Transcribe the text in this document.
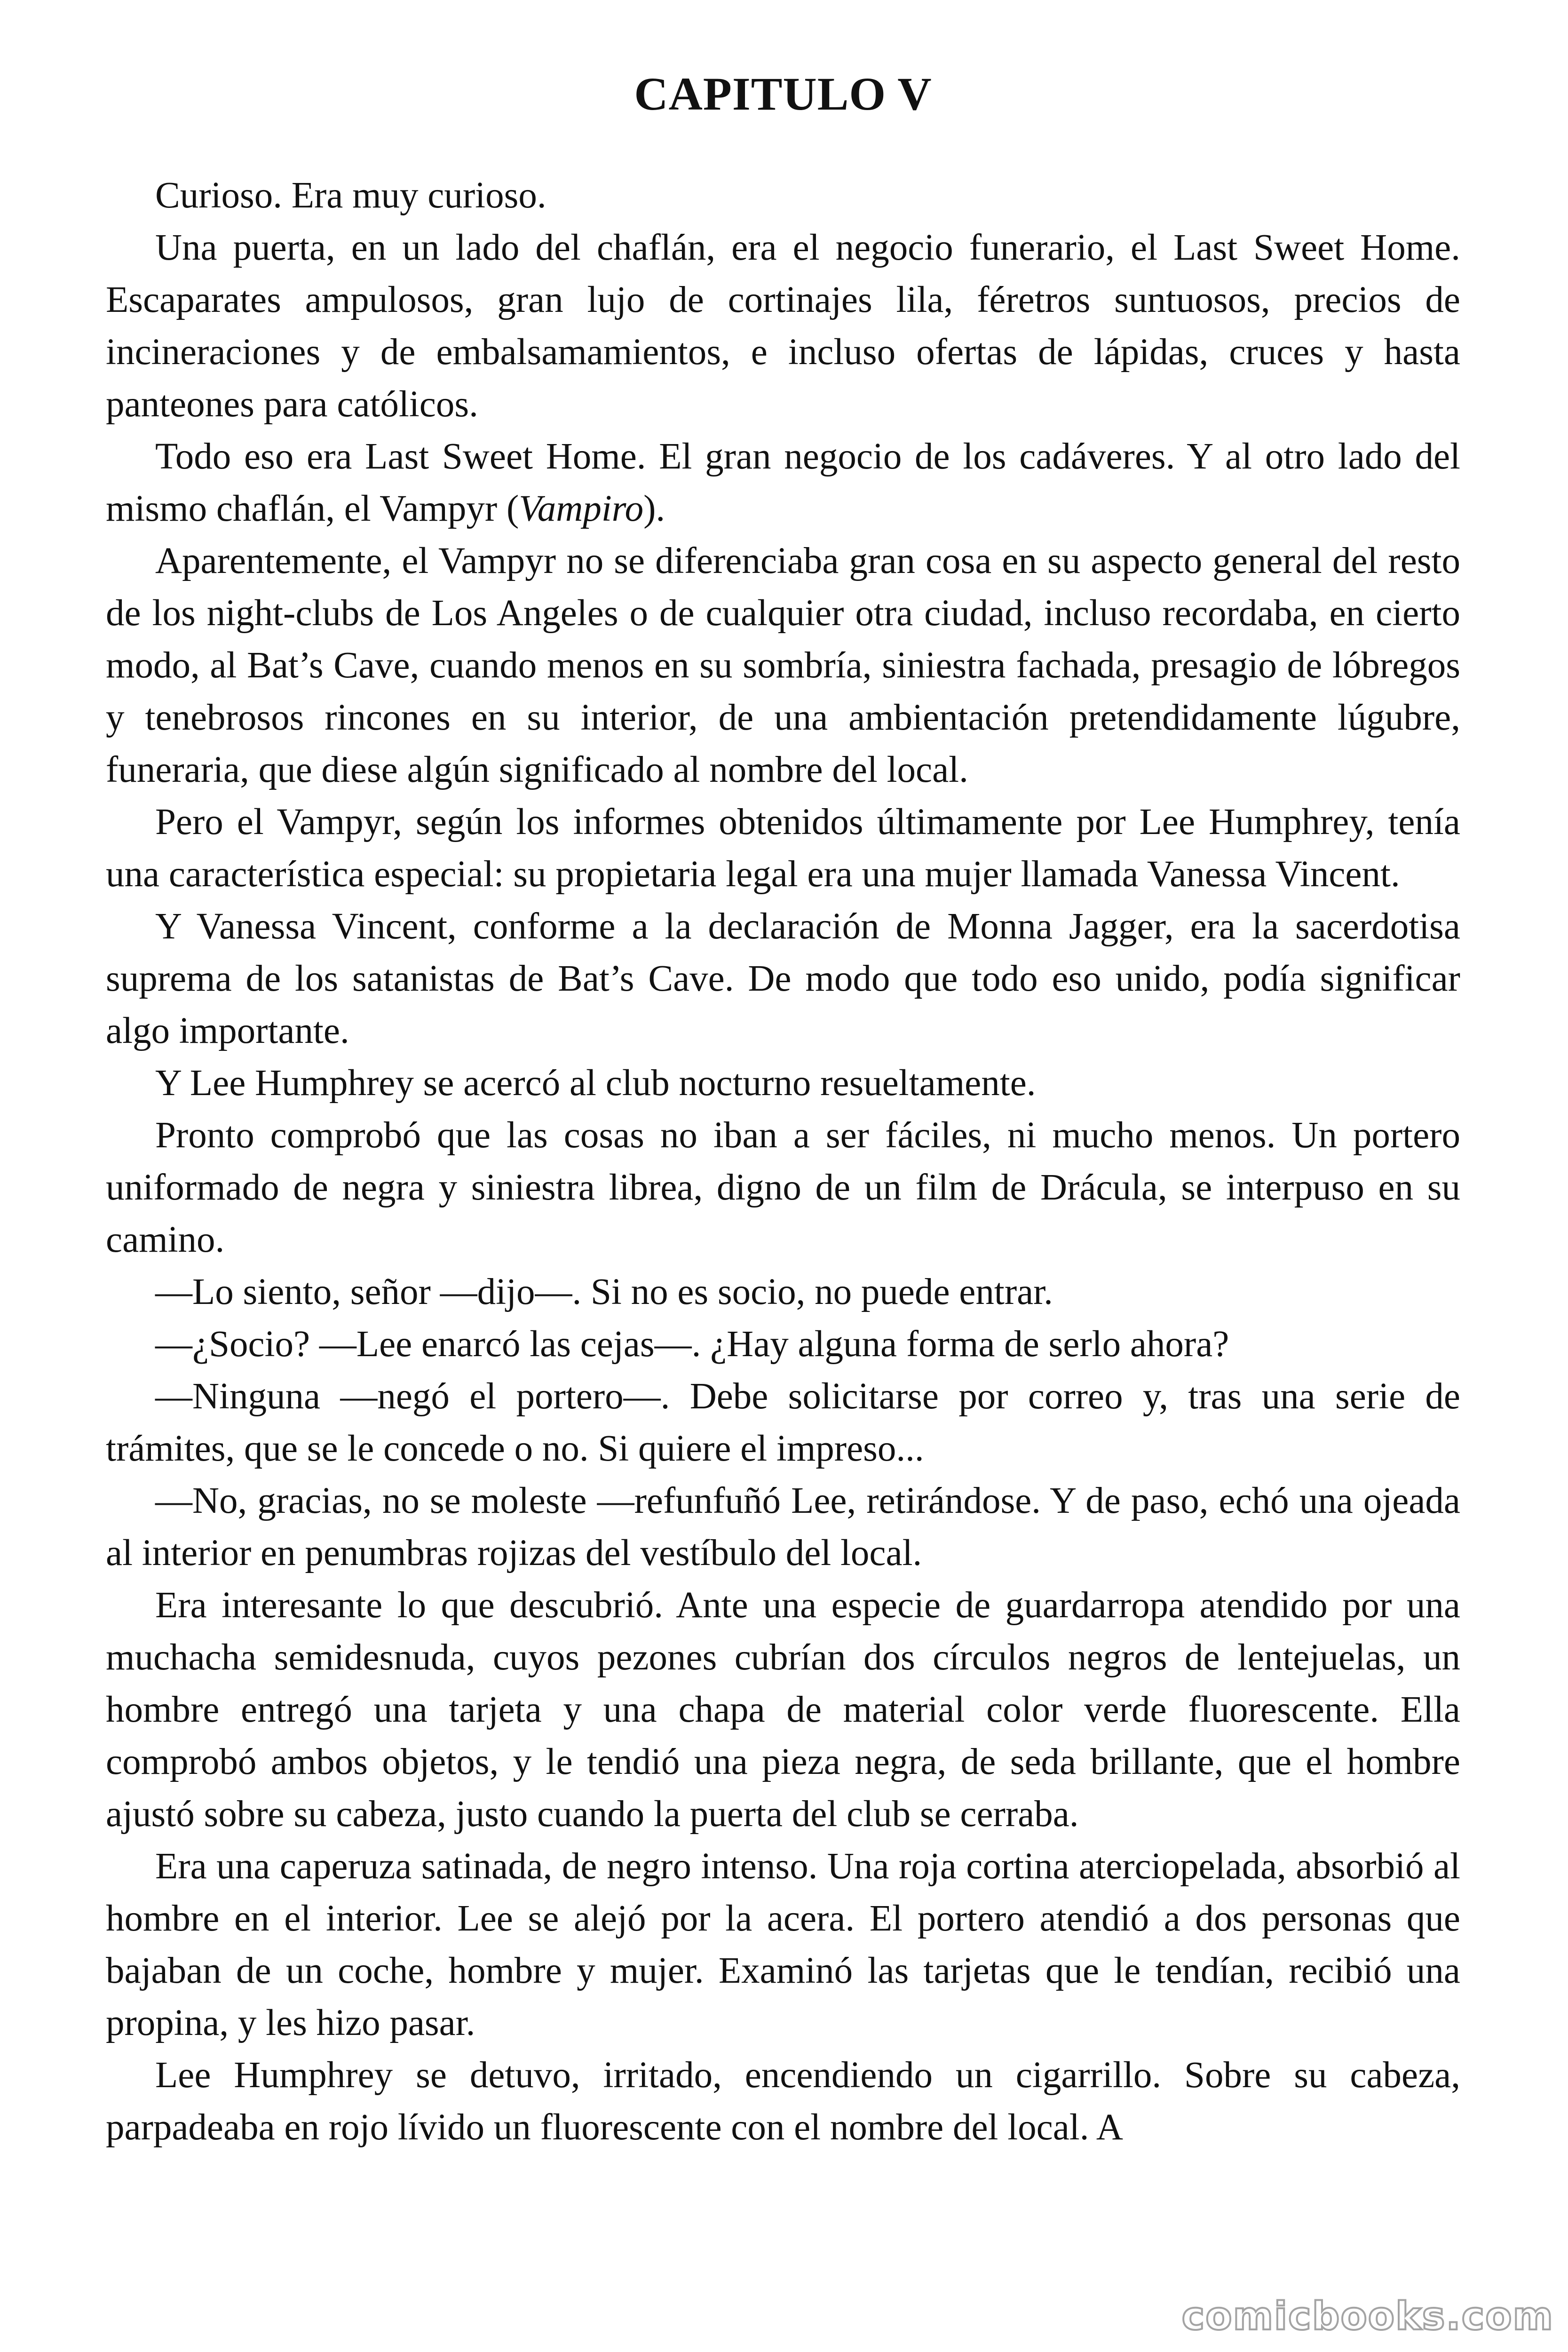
CAPITULO V

Curioso. Era muy curioso.

Una puerta, en un lado del chaflán, era el negocio funerario, el Last Sweet Home. Escaparates ampulosos, gran lujo de cortinajes lila, féretros suntuosos, precios de incineraciones y de embalsamamientos, e incluso ofertas de lápidas, cruces y hasta panteones para católicos.

Todo eso era Last Sweet Home. El gran negocio de los cadáveres. Y al otro lado del mismo chaflán, el Vampyr (Vampiro).

Aparentemente, el Vampyr no se diferenciaba gran cosa en su aspecto general del resto de los night-clubs de Los Angeles o de cualquier otra ciudad, incluso recordaba, en cierto modo, al Bat’s Cave, cuando menos en su sombría, siniestra fachada, presagio de lóbregos y tenebrosos rincones en su interior, de una ambientación pretendidamente lúgubre, funeraria, que diese algún significado al nombre del local.

Pero el Vampyr, según los informes obtenidos últimamente por Lee Humphrey, tenía una característica especial: su propietaria legal era una mujer llamada Vanessa Vincent.

Y Vanessa Vincent, conforme a la declaración de Monna Jagger, era la sacerdotisa suprema de los satanistas de Bat’s Cave. De modo que todo eso unido, podía significar algo importante.

Y Lee Humphrey se acercó al club nocturno resueltamente.

Pronto comprobó que las cosas no iban a ser fáciles, ni mucho menos. Un portero uniformado de negra y siniestra librea, digno de un film de Drácula, se interpuso en su camino.

—Lo siento, señor —dijo—. Si no es socio, no puede entrar.

—¿Socio? —Lee enarcó las cejas—. ¿Hay alguna forma de serlo ahora?

—Ninguna —negó el portero—. Debe solicitarse por correo y, tras una serie de trámites, que se le concede o no. Si quiere el impreso...

—No, gracias, no se moleste —refunfuñó Lee, retirándose. Y de paso, echó una ojeada al interior en penumbras rojizas del vestíbulo del local.

Era interesante lo que descubrió. Ante una especie de guardarropa atendido por una muchacha semidesnuda, cuyos pezones cubrían dos círculos negros de lentejuelas, un hombre entregó una tarjeta y una chapa de material color verde fluorescente. Ella comprobó ambos objetos, y le tendió una pieza negra, de seda brillante, que el hombre ajustó sobre su cabeza, justo cuando la puerta del club se cerraba.

Era una caperuza satinada, de negro intenso. Una roja cortina aterciopelada, absorbió al hombre en el interior. Lee se alejó por la acera. El portero atendió a dos personas que bajaban de un coche, hombre y mujer. Examinó las tarjetas que le tendían, recibió una propina, y les hizo pasar.

Lee Humphrey se detuvo, irritado, encendiendo un cigarrillo. Sobre su cabeza, parpadeaba en rojo lívido un fluorescente con el nombre del local. A

comicbooks.com
